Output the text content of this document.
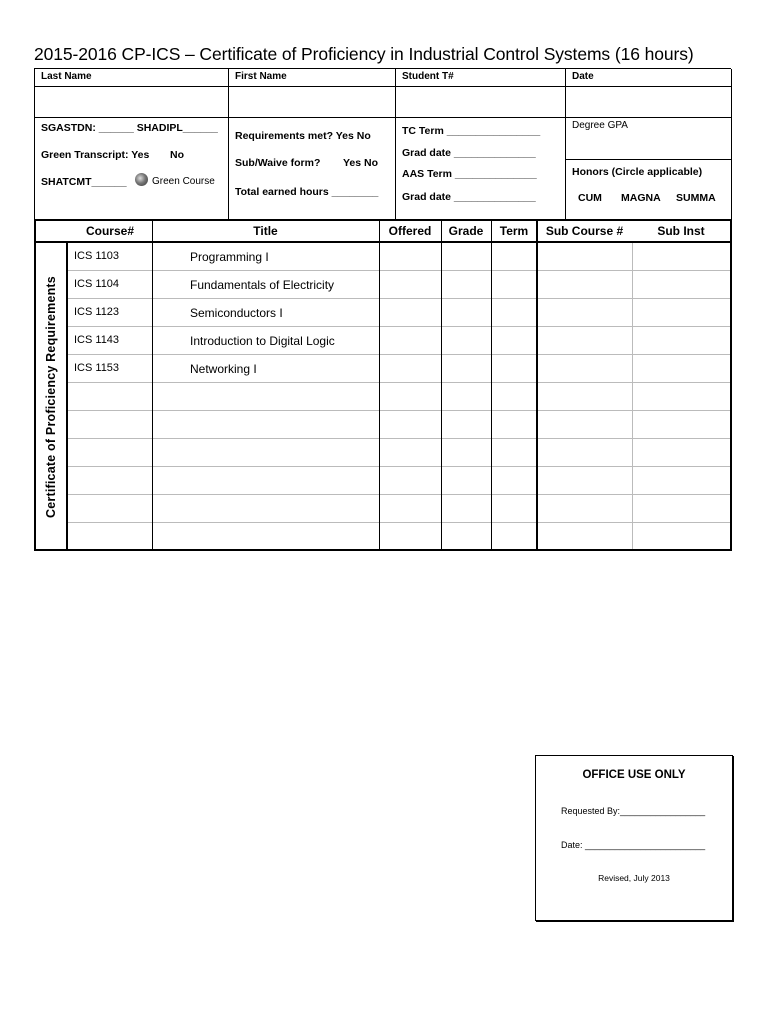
2015-2016 CP-ICS – Certificate of Proficiency in Industrial Control Systems (16 hours)
Last Name	First Name	Student T#	Date
SGASTDN: ______ SHADIPL______
Green Transcript: Yes No
SHATCMT______	Green Course
Requirements met? Yes No
Sub/Waive form? Yes No
Total earned hours ________
TC Term ________________
Grad date ______________
AAS Term ______________
Grad date ______________
Degree GPA
Honors (Circle applicable)
CUM MAGNA SUMMA
Certificate of Proficiency Requirements
Course#	Title	Offered	Grade	Term	Sub Course #	Sub Inst
ICS 1103	Programming I
ICS 1104	Fundamentals of Electricity
ICS 1123	Semiconductors I
ICS 1143	Introduction to Digital Logic
ICS 1153	Networking I
OFFICE USE ONLY
Requested By:_________________
Date: ________________________
Revised, July 2013
